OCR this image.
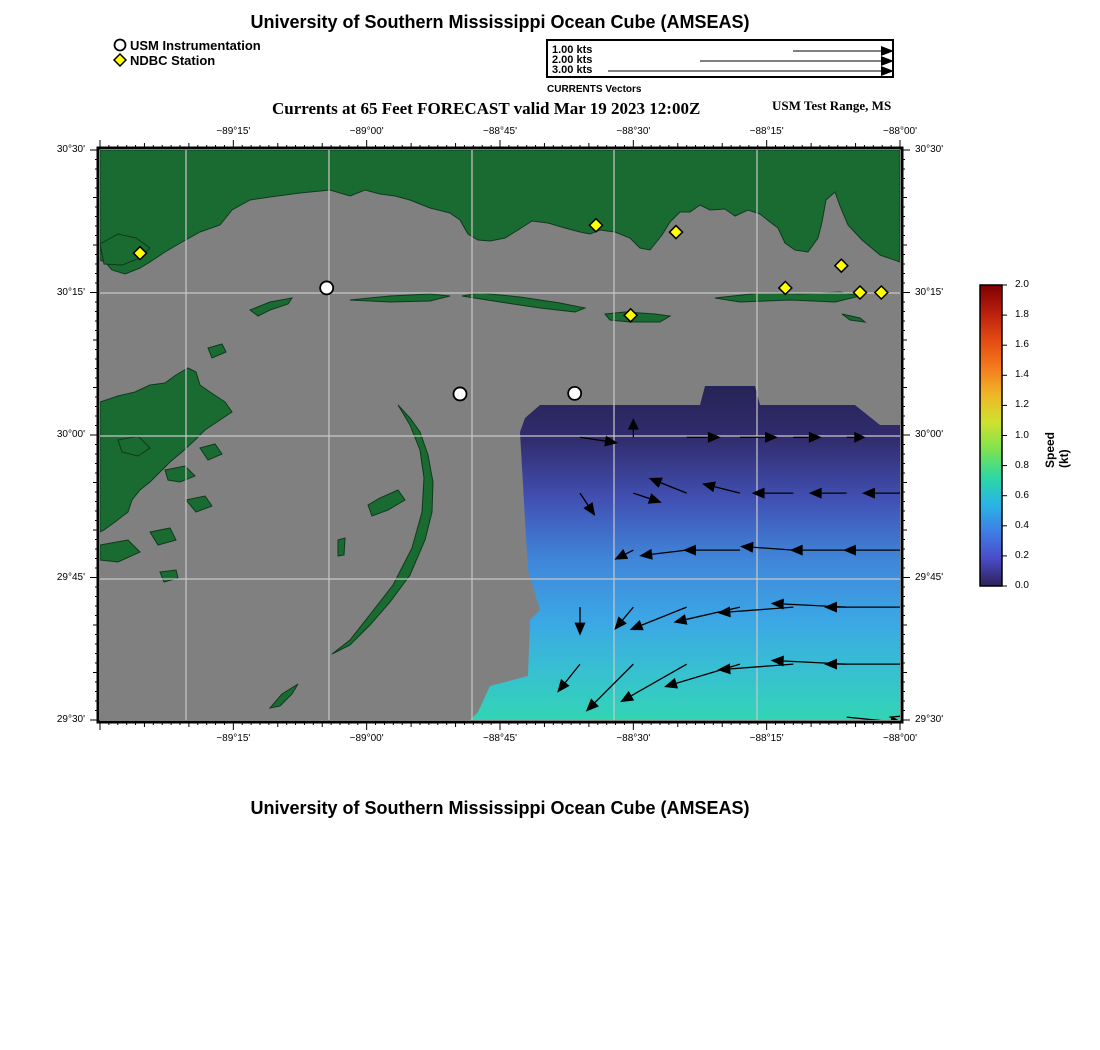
University of Southern Mississippi Ocean Cube (AMSEAS)
USM Instrumentation
NDBC Station
1.00 kts
2.00 kts
3.00 kts
CURRENTS Vectors
Currents at 65 Feet FORECAST valid Mar 19 2023 12:00Z	USM Test Range, MS
−89°15'
−89°15'
−89°00'
−89°00'
−88°45'
−88°45'
−88°30'
−88°30'
−88°15'
−88°15'
−88°00'
−88°00'
30°30'	30°30'
30°15'	30°15'
30°00'	30°00'
29°45'	29°45'
29°30'	29°30'
2.0
1.8
1.6
1.4
1.2
1.0
0.8
0.6
0.4
0.2
0.0
Speed (kt)
University of Southern Mississippi Ocean Cube (AMSEAS)
